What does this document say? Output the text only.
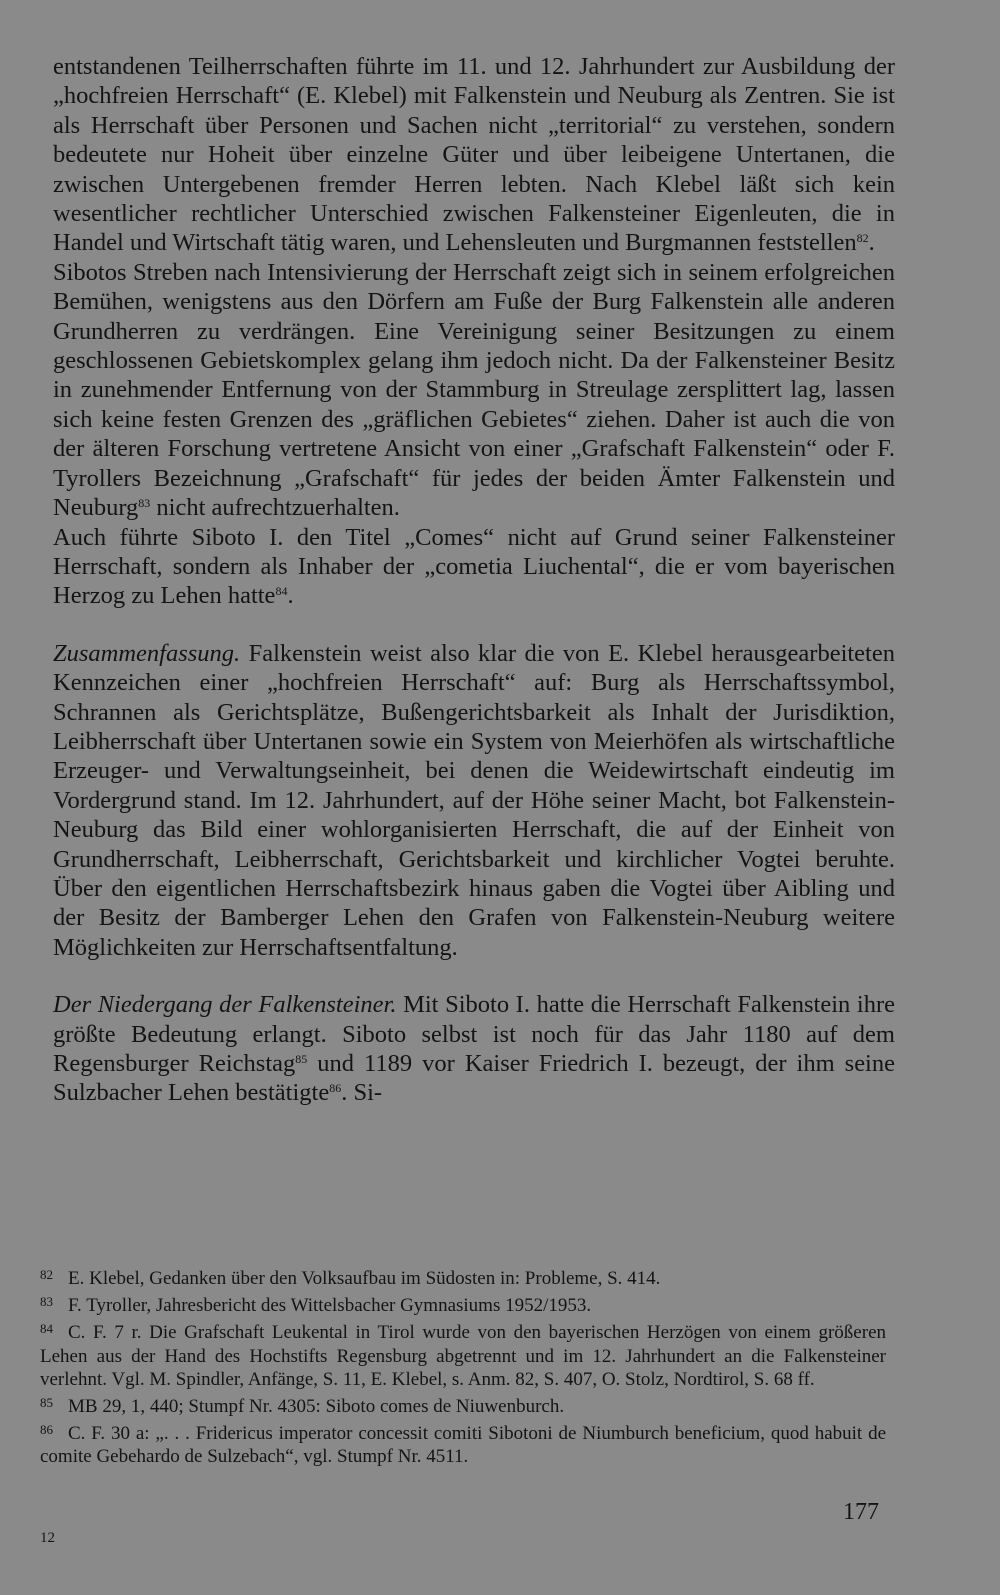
entstandenen Teilherrschaften führte im 11. und 12. Jahrhundert zur Ausbildung der „hochfreien Herrschaft“ (E. Klebel) mit Falkenstein und Neuburg als Zentren. Sie ist als Herrschaft über Personen und Sachen nicht „territorial“ zu verstehen, sondern bedeutete nur Hoheit über einzelne Güter und über leibeigene Untertanen, die zwischen Untergebenen fremder Herren lebten. Nach Klebel läßt sich kein wesentlicher rechtlicher Unterschied zwischen Falkensteiner Eigenleuten, die in Handel und Wirtschaft tätig waren, und Lehensleuten und Burgmannen feststellen$^{82}$.

Sibotos Streben nach Intensivierung der Herrschaft zeigt sich in seinem erfolgreichen Bemühen, wenigstens aus den Dörfern am Fuße der Burg Falkenstein alle anderen Grundherren zu verdrängen. Eine Vereinigung seiner Besitzungen zu einem geschlossenen Gebietskomplex gelang ihm jedoch nicht. Da der Falkensteiner Besitz in zunehmender Entfernung von der Stammburg in Streulage zersplittert lag, lassen sich keine festen Grenzen des „gräflichen Gebietes“ ziehen. Daher ist auch die von der älteren Forschung vertretene Ansicht von einer „Grafschaft Falkenstein“ oder F. Tyrollers Bezeichnung „Grafschaft“ für jedes der beiden Ämter Falkenstein und Neuburg$^{83}$ nicht aufrechtzuerhalten.

Auch führte Siboto I. den Titel „Comes“ nicht auf Grund seiner Falkensteiner Herrschaft, sondern als Inhaber der „cometia Liuchental“, die er vom bayerischen Herzog zu Lehen hatte$^{84}$.

Zusammenfassung. Falkenstein weist also klar die von E. Klebel herausgearbeiteten Kennzeichen einer „hochfreien Herrschaft“ auf: Burg als Herrschaftssymbol, Schrannen als Gerichtsplätze, Bußengerichtsbarkeit als Inhalt der Jurisdiktion, Leibherrschaft über Untertanen sowie ein System von Meierhöfen als wirtschaftliche Erzeuger- und Verwaltungseinheit, bei denen die Weidewirtschaft eindeutig im Vordergrund stand. Im 12. Jahrhundert, auf der Höhe seiner Macht, bot Falkenstein-Neuburg das Bild einer wohlorganisierten Herrschaft, die auf der Einheit von Grundherrschaft, Leibherrschaft, Gerichtsbarkeit und kirchlicher Vogtei beruhte. Über den eigentlichen Herrschaftsbezirk hinaus gaben die Vogtei über Aibling und der Besitz der Bamberger Lehen den Grafen von Falkenstein-Neuburg weitere Möglichkeiten zur Herrschaftsentfaltung.

Der Niedergang der Falkensteiner. Mit Siboto I. hatte die Herrschaft Falkenstein ihre größte Bedeutung erlangt. Siboto selbst ist noch für das Jahr 1180 auf dem Regensburger Reichstag$^{85}$ und 1189 vor Kaiser Friedrich I. bezeugt, der ihm seine Sulzbacher Lehen bestätigte$^{86}$. Si-

82 E. Klebel, Gedanken über den Volksaufbau im Südosten in: Probleme, S. 414.

83 F. Tyroller, Jahresbericht des Wittelsbacher Gymnasiums 1952/1953.

84 C. F. 7 r. Die Grafschaft Leukental in Tirol wurde von den bayerischen Herzögen von einem größeren Lehen aus der Hand des Hochstifts Regensburg abgetrennt und im 12. Jahrhundert an die Falkensteiner verlehnt. Vgl. M. Spindler, Anfänge, S. 11, E. Klebel, s. Anm. 82, S. 407, O. Stolz, Nordtirol, S. 68 ff.

85 MB 29, 1, 440; Stumpf Nr. 4305: Siboto comes de Niuwenburch.

86 C. F. 30 a: „. . . Fridericus imperator concessit comiti Sibotoni de Niumburch beneficium, quod habuit de comite Gebehardo de Sulzebach“, vgl. Stumpf Nr. 4511.

177
12
